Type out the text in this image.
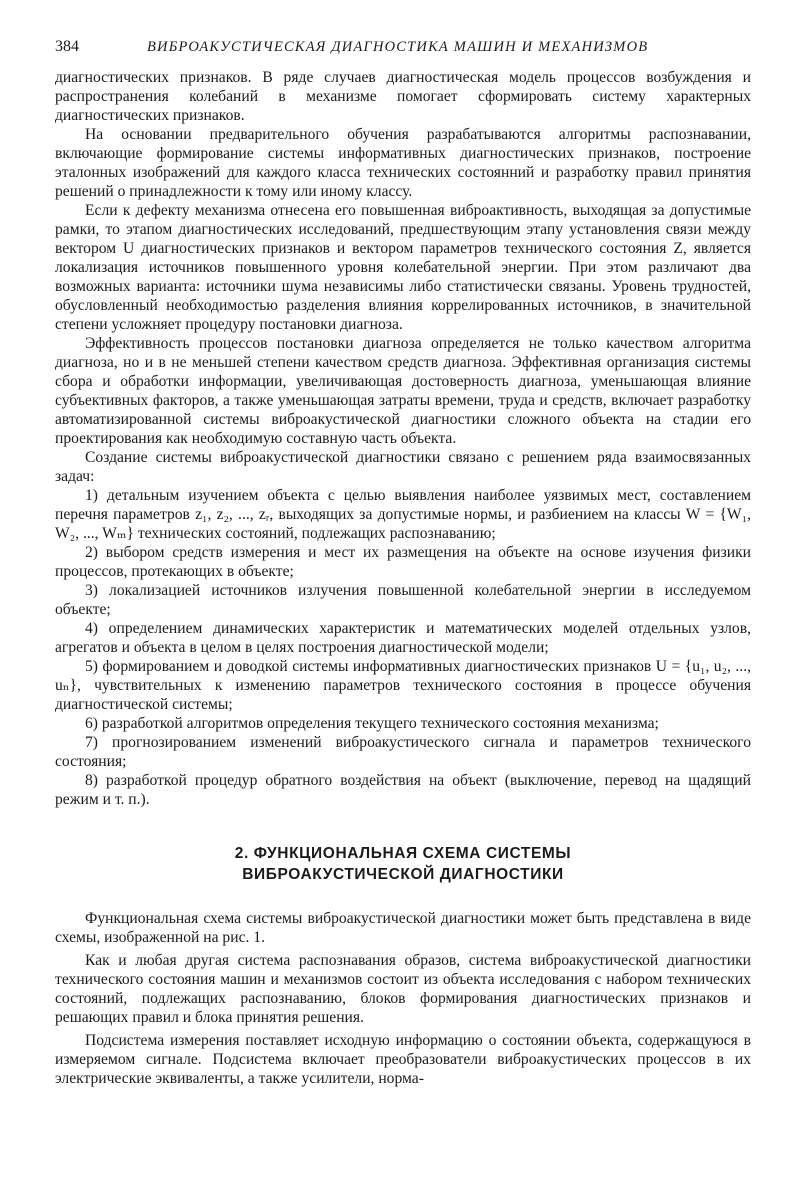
384	ВИБРОАКУСТИЧЕСКАЯ ДИАГНОСТИКА МАШИН И МЕХАНИЗМОВ

диагностических признаков. В ряде случаев диагностическая модель процессов возбуждения и распространения колебаний в механизме помогает сформировать систему характерных диагностических признаков.

На основании предварительного обучения разрабатываются алгоритмы распознавании, включающие формирование системы информативных диагностических признаков, построение эталонных изображений для каждого класса технических состоянний и разработку правил принятия решений о принадлежности к тому или иному классу.

Если к дефекту механизма отнесена его повышенная виброактивность, выходящая за допустимые рамки, то этапом диагностических исследований, предшествующим этапу установления связи между вектором U диагностических признаков и вектором параметров технического состояния Z, является локализация источников повышенного уровня колебательной энергии. При этом различают два возможных варианта: источники шума независимы либо статистически связаны. Уровень трудностей, обусловленный необходимостью разделения влияния коррелированных источников, в значительной степени усложняет процедуру постановки диагноза.

Эффективность процессов постановки диагноза определяется не только качеством алгоритма диагноза, но и в не меньшей степени качеством средств диагноза. Эффективная организация системы сбора и обработки информации, увеличивающая достоверность диагноза, уменьшающая влияние субъективных факторов, а также уменьшающая затраты времени, труда и средств, включает разработку автоматизированной системы виброакустической диагностики сложного объекта на стадии его проектирования как необходимую составную часть объекта.

Создание системы виброакустической диагностики связано с решением ряда взаимосвязанных задач:

1) детальным изучением объекта с целью выявления наиболее уязвимых мест, составлением перечня параметров z₁, z₂, ..., zᵣ, выходящих за допустимые нормы, и разбиением на классы W = {W₁, W₂, ..., Wₘ} технических состояний, подлежащих распознаванию;

2) выбором средств измерения и мест их размещения на объекте на основе изучения физики процессов, протекающих в объекте;

3) локализацией источников излучения повышенной колебательной энергии в исследуемом объекте;

4) определением динамических характеристик и математических моделей отдельных узлов, агрегатов и объекта в целом в целях построения диагностической модели;

5) формированием и доводкой системы информативных диагностических признаков U = {u₁, u₂, ..., uₙ}, чувствительных к изменению параметров технического состояния в процессе обучения диагностической системы;

6) разработкой алгоритмов определения текущего технического состояния механизма;

7) прогнозированием изменений виброакустического сигнала и параметров технического состояния;

8) разработкой процедур обратного воздействия на объект (выключение, перевод на щадящий режим и т. п.).

2. ФУНКЦИОНАЛЬНАЯ СХЕМА СИСТЕМЫ
ВИБРОАКУСТИЧЕСКОЙ ДИАГНОСТИКИ

Функциональная схема системы виброакустической диагностики может быть представлена в виде схемы, изображенной на рис. 1.

Как и любая другая система распознавания образов, система виброакустической диагностики технического состояния машин и механизмов состоит из объекта исследования с набором технических состояний, подлежащих распознаванию, блоков формирования диагностических признаков и решающих правил и блока принятия решения.

Подсистема измерения поставляет исходную информацию о состоянии объекта, содержащуюся в измеряемом сигнале. Подсистема включает преобразователи виброакустических процессов в их электрические эквиваленты, а также усилители, норма-
